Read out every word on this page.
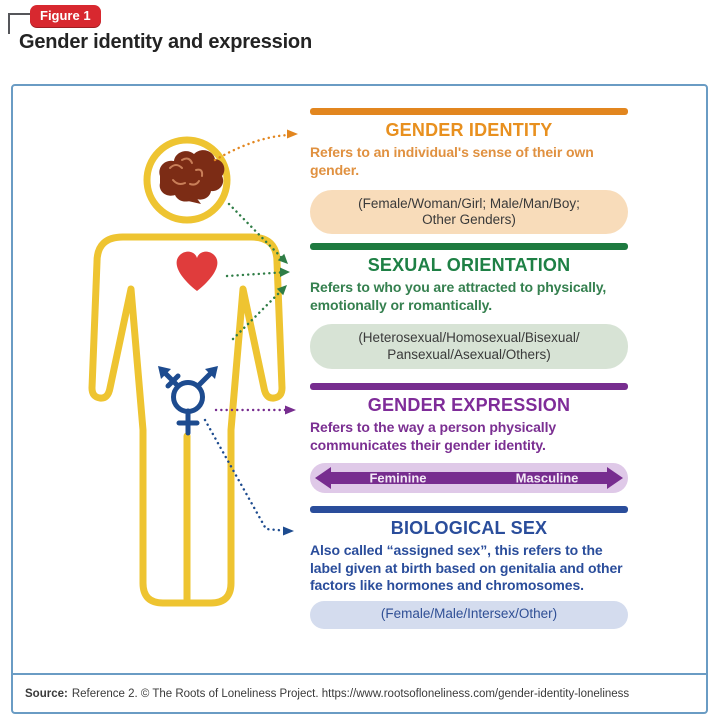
Figure 1
Gender identity and expression
Source: Reference 2. © The Roots of Loneliness Project. https://www.rootsofloneliness.com/gender-identity-loneliness
GENDER IDENTITY
Refers to an individual's sense of their own gender.
(Female/Woman/Girl; Male/Man/Boy; Other Genders)
SEXUAL ORIENTATION
Refers to who you are attracted to physically, emotionally or romantically.
(Heterosexual/Homosexual/Bisexual/ Pansexual/Asexual/Others)
GENDER EXPRESSION
Refers to the way a person physically communicates their gender identity.
Feminine	Masculine
BIOLOGICAL SEX
Also called “assigned sex”, this refers to the label given at birth based on genitalia and other factors like hormones and chromosomes.
(Female/Male/Intersex/Other)
